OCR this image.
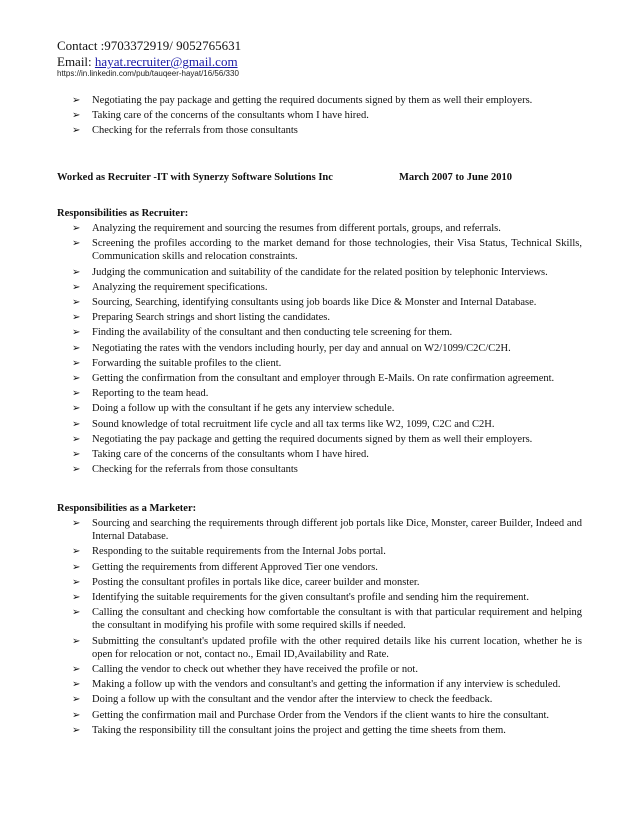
Contact :9703372919/ 9052765631
Email: hayat.recruiter@gmail.com
https://in.linkedin.com/pub/tauqeer-hayat/16/56/330
➢ Negotiating the pay package and getting the required documents signed by them as well their employers.
➢ Taking care of the concerns of the consultants whom I have hired.
➢ Checking for the referrals from those consultants
Worked as Recruiter -IT with Synerzy Software Solutions Inc	March 2007 to June 2010
Responsibilities as Recruiter:
➢ Analyzing the requirement and sourcing the resumes from different portals, groups, and referrals.
➢ Screening the profiles according to the market demand for those technologies, their Visa Status, Technical Skills, Communication skills and relocation constraints.
➢ Judging the communication and suitability of the candidate for the related position by telephonic Interviews.
➢ Analyzing the requirement specifications.
➢ Sourcing, Searching, identifying consultants using job boards like Dice & Monster and Internal Database.
➢ Preparing Search strings and short listing the candidates.
➢ Finding the availability of the consultant and then conducting tele screening for them.
➢ Negotiating the rates with the vendors including hourly, per day and annual on W2/1099/C2C/C2H.
➢ Forwarding the suitable profiles to the client.
➢ Getting the confirmation from the consultant and employer through E-Mails. On rate confirmation agreement.
➢ Reporting to the team head.
➢ Doing a follow up with the consultant if he gets any interview schedule.
➢ Sound knowledge of total recruitment life cycle and all tax terms like W2, 1099, C2C and C2H.
➢ Negotiating the pay package and getting the required documents signed by them as well their employers.
➢ Taking care of the concerns of the consultants whom I have hired.
➢ Checking for the referrals from those consultants
Responsibilities as a Marketer:
➢ Sourcing and searching the requirements through different job portals like Dice, Monster, career Builder, Indeed and Internal Database.
➢ Responding to the suitable requirements from the Internal Jobs portal.
➢ Getting the requirements from different Approved Tier one vendors.
➢ Posting the consultant profiles in portals like dice, career builder and monster.
➢ Identifying the suitable requirements for the given consultant's profile and sending him the requirement.
➢ Calling the consultant and checking how comfortable the consultant is with that particular requirement and helping the consultant in modifying his profile with some required skills if needed.
➢ Submitting the consultant's updated profile with the other required details like his current location, whether he is open for relocation or not, contact no., Email ID,Availability and Rate.
➢ Calling the vendor to check out whether they have received the profile or not.
➢ Making a follow up with the vendors and consultant's and getting the information if any interview is scheduled.
➢ Doing a follow up with the consultant and the vendor after the interview to check the feedback.
➢ Getting the confirmation mail and Purchase Order from the Vendors if the client wants to hire the consultant.
➢ Taking the responsibility till the consultant joins the project and getting the time sheets from them.
